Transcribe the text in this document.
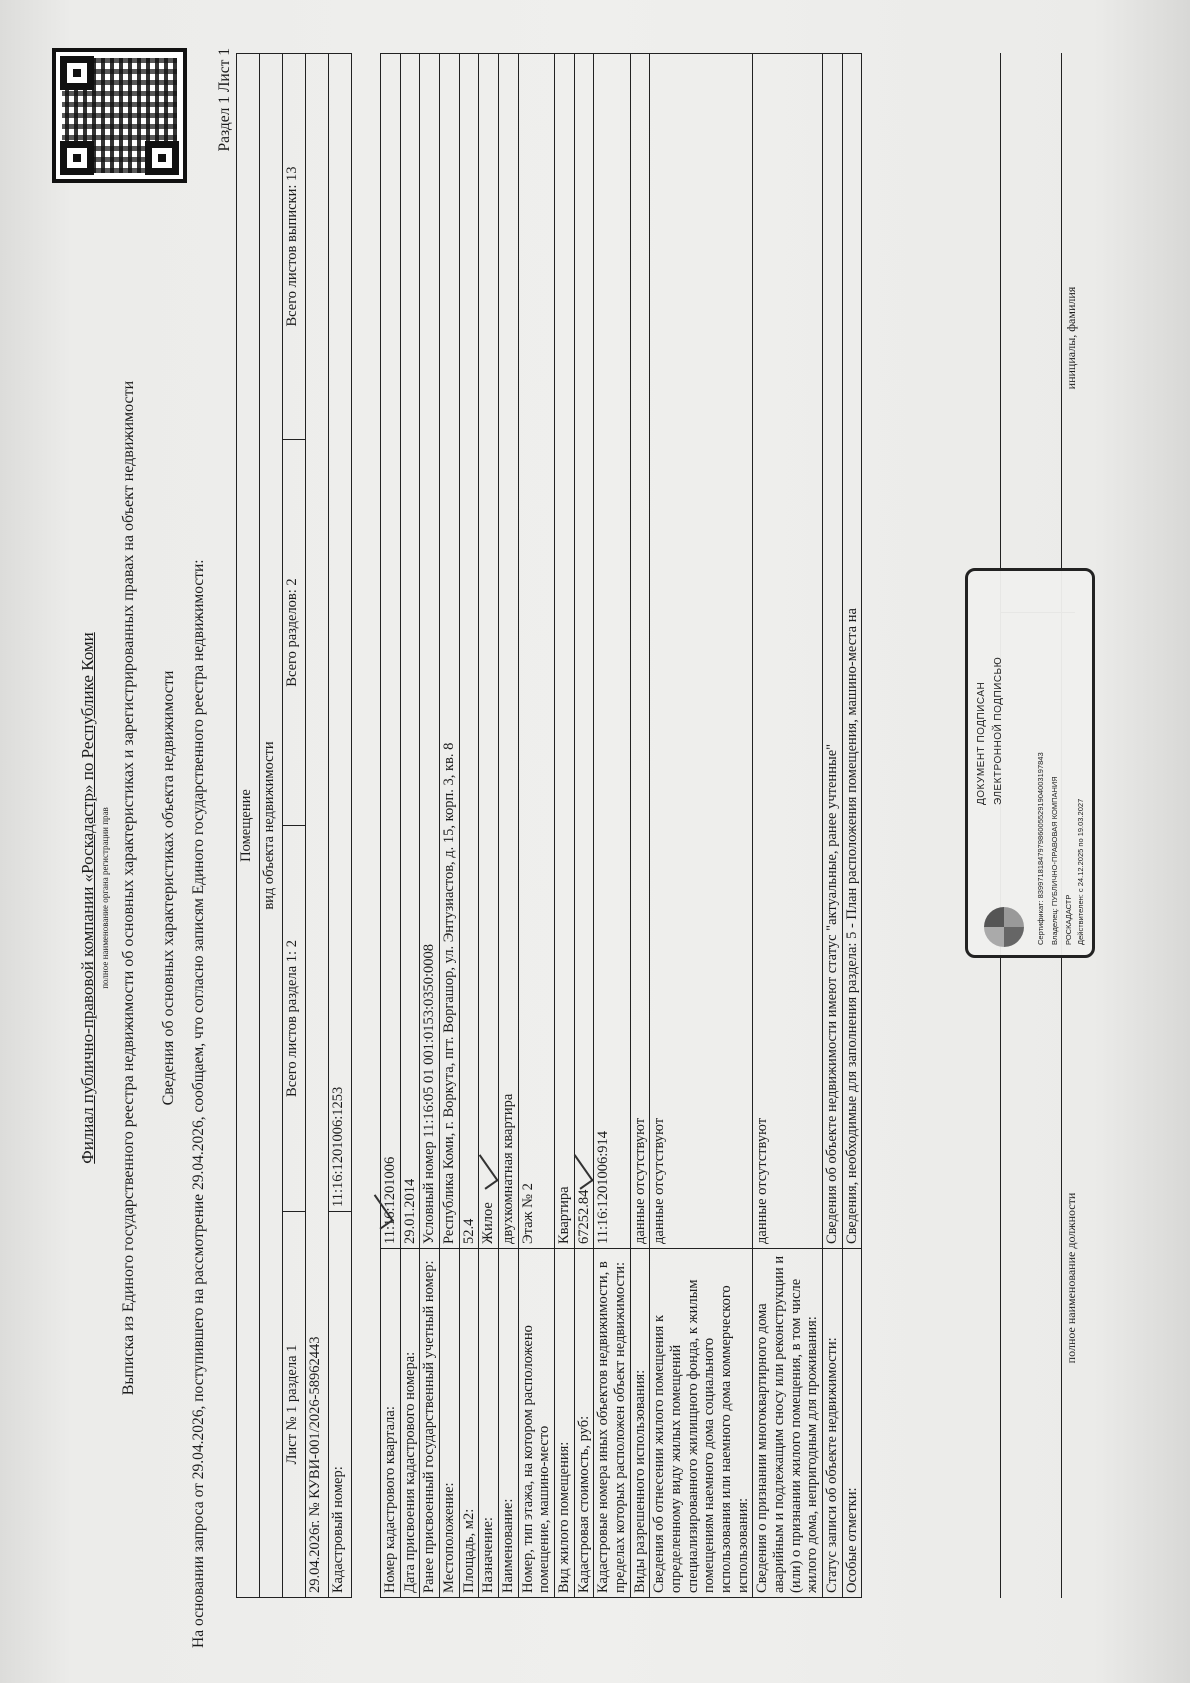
Филиал публично-правовой компании «Роскадастр» по Республике Коми полное наименование органа регистрации прав Выписка из Единого государственного реестра недвижимости об основных характеристиках и зарегистрированных правах на объект недвижимости Сведения об основных характеристиках объекта недвижимости На основании запроса от 29.04.2026, поступившего на рассмотрение 29.04.2026, сообщаем, что согласно записям Единого государственного реестра недвижимости:
Раздел 1 Лист 1
Помещение			
вид объекта недвижимости			
Лист № 1 раздела 1	Всего листов раздела 1: 2	Всего разделов: 2	Всего листов выписки: 13
29.04.2026г. № КУВИ-001/2026-58962443			
Кадастровый номер:	11:16:1201006:1253		
Номер кадастрового квартала:	11:16:1201006
Дата присвоения кадастрового номера:	29.01.2014
Ранее присвоенный государственный учетный номер:	Условный номер 11:16:05 01 001:0153:0350:0008
Местоположение:	Республика Коми, г. Воркута, пгт. Воргашор, ул. Энтузиастов, д. 15, корп. 3, кв. 8
Площадь, м2:	52.4
Назначение:	Жилое
Наименование:	двухкомнатная квартира
Номер, тип этажа, на котором расположено помещение, машино-место	Этаж № 2
Вид жилого помещения:	Квартира
Кадастровая стоимость, руб:	67252.84
Кадастровые номера иных объектов недвижимости, в пределах которых расположен объект недвижимости:	11:16:1201006:914
Виды разрешенного использования:	данные отсутствуют
Сведения об отнесении жилого помещения к определенному виду жилых помещений специализированного жилищного фонда, к жилым помещениям наемного дома социального использования или наемного дома коммерческого использования:	данные отсутствуют
Сведения о признании многоквартирного дома аварийным и подлежащим сносу или реконструкции и (или) о признании жилого помещения, в том числе жилого дома, непригодным для проживания:	данные отсутствуют
Статус записи об объекте недвижимости:	Сведения об объекте недвижимости имеют статус "актуальные, ранее учтенные"
Особые отметки:	Сведения, необходимые для заполнения раздела: 5 - План расположения помещения, машино-места на
полное наименование должности
инициалы, фамилия
ДОКУМЕНТ ПОДПИСАН ЭЛЕКТРОННОЙ ПОДПИСЬЮ
Сертификат: 83997181847979860055291904003197843 Владелец: ПУБЛИЧНО-ПРАВОВАЯ КОМПАНИЯ РОСКАДАСТР Действителен: с 24.12.2025 по 19.03.2027
